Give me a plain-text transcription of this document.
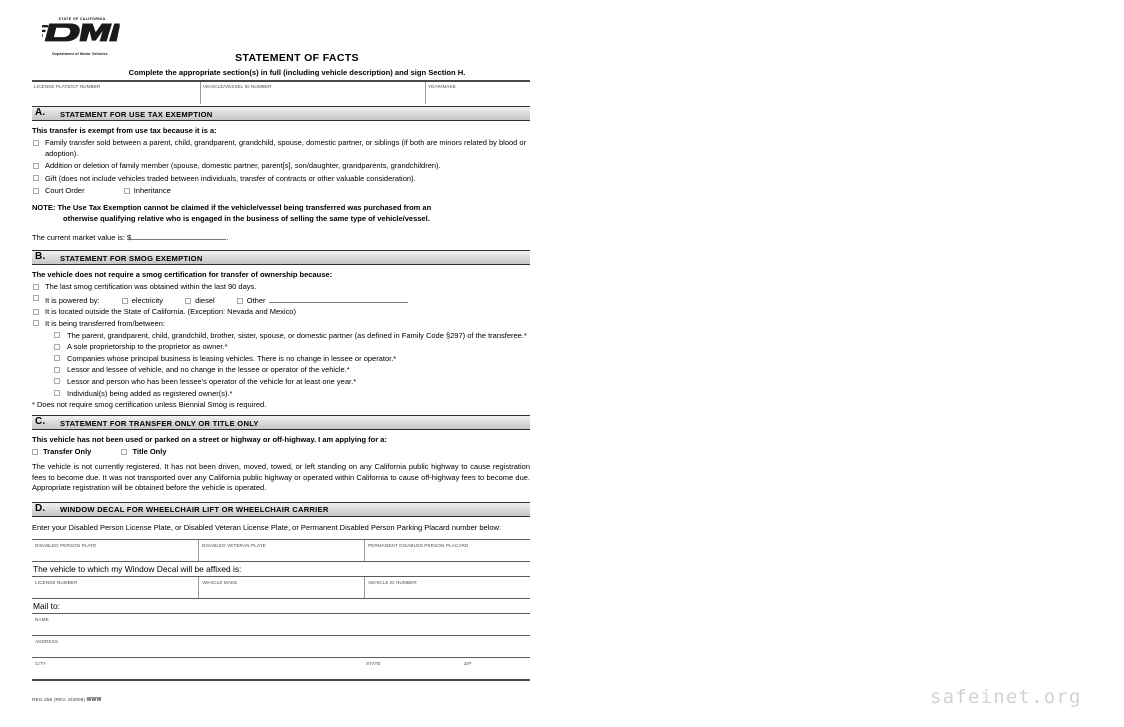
STATE OF CALIFORNIA
Department of Motor Vehicles	STATEMENT OF FACTS
Complete the appropriate section(s) in full (including vehicle description) and sign Section H.
LICENSE PLATE/CF NUMBER	VEHICLE/VESSEL ID NUMBER	YEAR/MAKE
A. STATEMENT FOR USE TAX EXEMPTION
This transfer is exempt from use tax because it is a:
Family transfer sold between a parent, child, grandparent, grandchild, spouse, domestic partner, or siblings (if both are minors related by blood or adoption).
Addition or deletion of family member (spouse, domestic partner, parent[s], son/daughter, grandparents, grandchildren).
Gift (does not include vehicles traded between individuals, transfer of contracts or other valuable consideration).
Court Order	Inheritance
NOTE: The Use Tax Exemption cannot be claimed if the vehicle/vessel being transferred was purchased from an
otherwise qualifying relative who is engaged in the business of selling the same type of vehicle/vessel.
The current market value is: $	.
B. STATEMENT FOR SMOG EXEMPTION
The vehicle does not require a smog certification for transfer of ownership because:
The last smog certification was obtained within the last 90 days.
It is powered by:	electricity	diesel	Other
It is located outside the State of California. (Exception: Nevada and Mexico)
It is being transferred from/between:
The parent, grandparent, child, grandchild, brother, sister, spouse, or domestic partner (as defined in Family Code §297) of the transferee.*
A sole proprietorship to the proprietor as owner.*
Companies whose principal business is leasing vehicles. There is no change in lessee or operator.*
Lessor and lessee of vehicle, and no change in the lessee or operator of the vehicle.*
Lessor and person who has been lessee's operator of the vehicle for at least one year.*
Individual(s) being added as registered owner(s).*
* Does not require smog certification unless Biennial Smog is required.
C. STATEMENT FOR TRANSFER ONLY OR TITLE ONLY
This vehicle has not been used or parked on a street or highway or off-highway. I am applying for a:
Transfer Only	Title Only
The vehicle is not currently registered. It has not been driven, moved, towed, or left standing on any California public highway to cause registration fees to become due. It was not transported over any California public highway or operated within California to cause off-highway fees to become due. Appropriate registration will be obtained before the vehicle is operated.
D. WINDOW DECAL FOR WHEELCHAIR LIFT OR WHEELCHAIR CARRIER
Enter your Disabled Person License Plate, or Disabled Veteran License Plate, or Permanent Disabled Person Parking Placard number below:
DISABLED PERSON PLATE	DISABLED VETERAN PLATE	PERMANENT DISABLED PERSON PLACARD
The vehicle to which my Window Decal will be affixed is:
LICENSE NUMBER	VEHICLE MAKE	VEHICLE ID NUMBER
Mail to:
NAME
ADDRESS
CITY	STATE	ZIP
REG 256 (REV. 8/2008) WWW	safeinet.org
